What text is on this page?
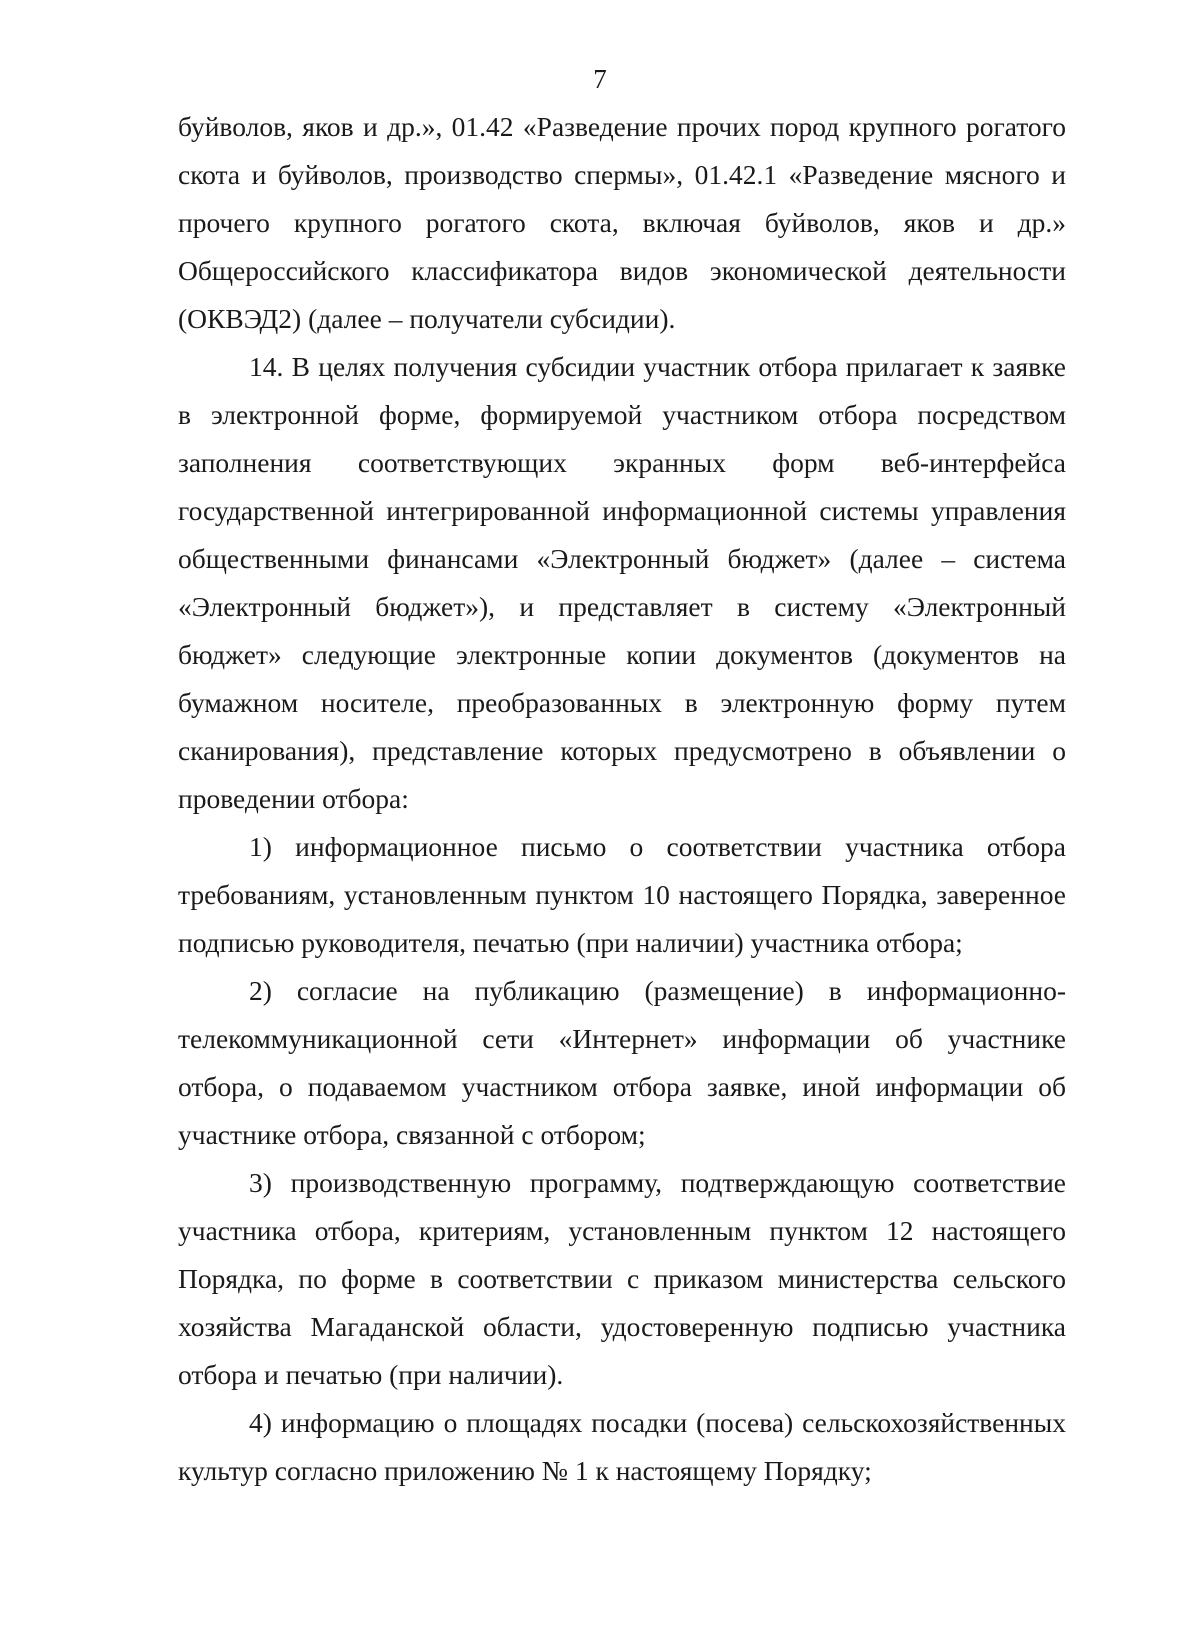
7

буйволов, яков и др.», 01.42 «Разведение прочих пород крупного рогатого скота и буйволов, производство спермы», 01.42.1 «Разведение мясного и прочего крупного рогатого скота, включая буйволов, яков и др.» Общероссийского классификатора видов экономической деятельности (ОКВЭД2) (далее – получатели субсидии).

14. В целях получения субсидии участник отбора прилагает к заявке в электронной форме, формируемой участником отбора посредством заполнения соответствующих экранных форм веб-интерфейса государственной интегрированной информационной системы управления общественными финансами «Электронный бюджет» (далее – система «Электронный бюджет»), и представляет в систему «Электронный бюджет» следующие электронные копии документов (документов на бумажном носителе, преобразованных в электронную форму путем сканирования), представление которых предусмотрено в объявлении о проведении отбора:

1) информационное письмо о соответствии участника отбора требованиям, установленным пунктом 10 настоящего Порядка, заверенное подписью руководителя, печатью (при наличии) участника отбора;

2) согласие на публикацию (размещение) в информационно-телекоммуникационной сети «Интернет» информации об участнике отбора, о подаваемом участником отбора заявке, иной информации об участнике отбора, связанной с отбором;

3) производственную программу, подтверждающую соответствие участника отбора, критериям, установленным пунктом 12 настоящего Порядка, по форме в соответствии с приказом министерства сельского хозяйства Магаданской области, удостоверенную подписью участника отбора и печатью (при наличии).

4) информацию о площадях посадки (посева) сельскохозяйственных культур согласно приложению № 1 к настоящему Порядку;
